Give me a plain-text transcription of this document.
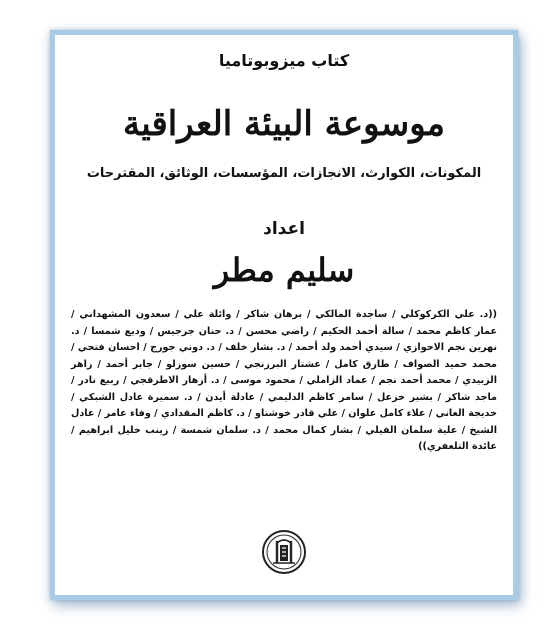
كتاب ميزوبوتاميا
موسوعة البيئة العراقية
المكونات، الكوارث، الانجازات، المؤسسات، الوثائق، المقترحات
اعداد
سليم مطر
((د. علي الكركوكلي / ساجدة المالكي / برهان شاكر / وائلة علي / سعدون المشهداني / عمار كاظم محمد / سالة أحمد الحكيم / راضي محسن / د. حنان جرجيس / وديع شمسا / د. نهرين نجم الاحوازي / سيدي أحمد ولد أحمد / د. بشار خلف / د. دوني جورج / احسان فتحي / محمد حميد الصواف / طارق كامل / عشتار البرزنجي / حسين سوزلو / جابر أحمد / زاهر الزبيدي / محمد أحمد نجم / عماد الزاملي / محمود موسى / د. أزهار الاطرقجي / ربيع نادر / ماجد شاكر / بشير خزعل / سامر كاظم الدليمي / عادلة أيدن / د. سميرة عادل الشبكي / خديجة العاني / علاء كامل علوان / علي قادر خوشناو / د. كاظم المقدادي / وفاء عامر / عادل الشيخ / علية سلمان الفيلي / بشار كمال محمد / د. سلمان شمسة / زينب خليل ابراهيم / عائدة التلعفري))
